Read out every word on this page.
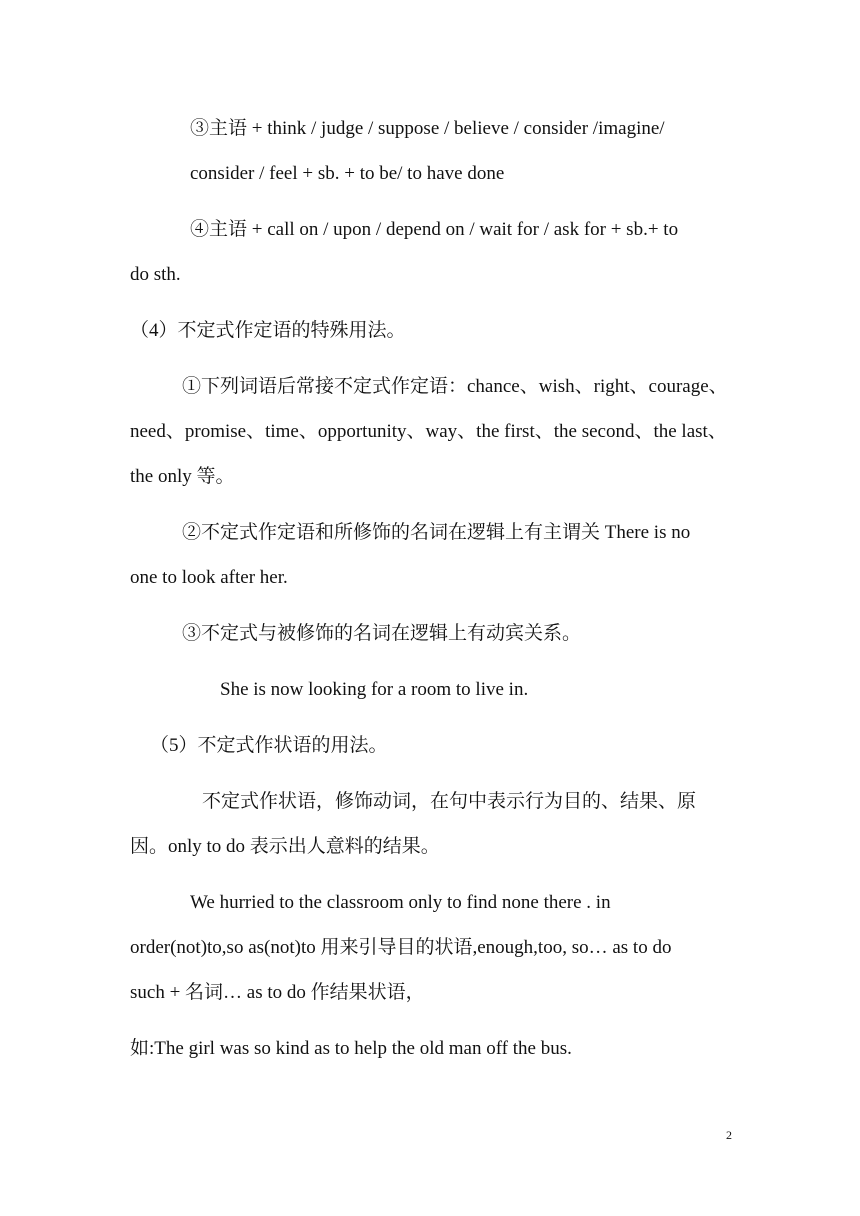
③主语 + think / judge / suppose / believe / consider /imagine/
consider / feel + sb. + to be/ to have done
④主语 + call on / upon / depend on / wait for / ask for + sb.+ to
do sth.
（4）不定式作定语的特殊用法。
①下列词语后常接不定式作定语：chance、wish、right、courage、
need、promise、time、opportunity、way、the first、the second、the last、
the only 等。
②不定式作定语和所修饰的名词在逻辑上有主谓关 There is no
one to look after her.
③不定式与被修饰的名词在逻辑上有动宾关系。
She is now looking for a room to live in.
（5）不定式作状语的用法。
不定式作状语，修饰动词，在句中表示行为目的、结果、原
因。only to do 表示出人意料的结果。
We hurried to the classroom only to find none there . in
order(not)to,so as(not)to 用来引导目的状语,enough,too, so… as to do
such + 名词… as to do 作结果状语，
如:The girl was so kind as to help the old man off the bus.
2
